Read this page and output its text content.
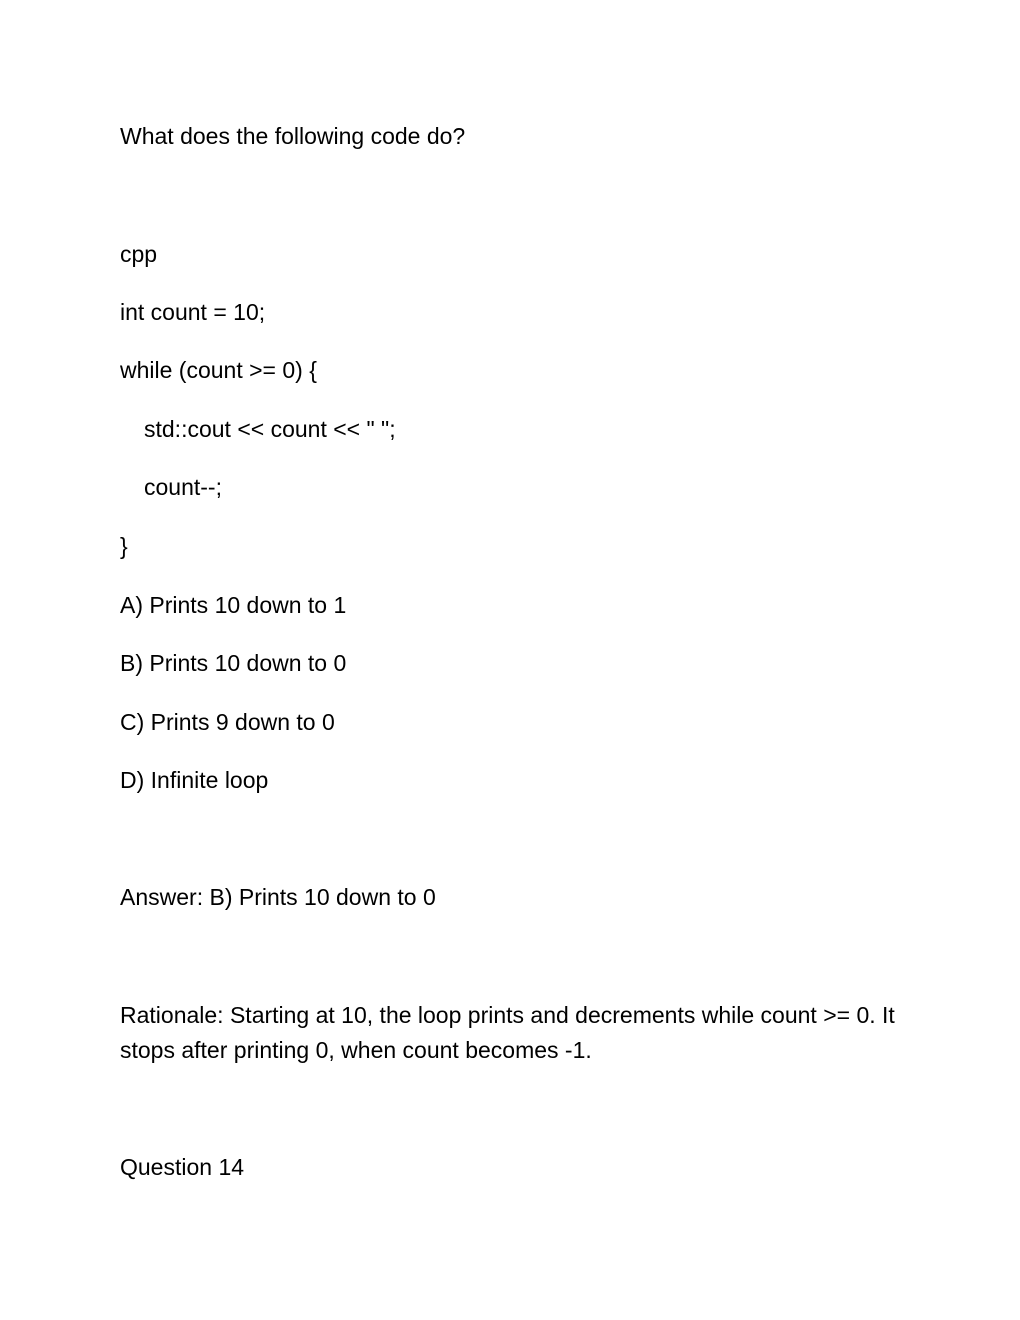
What does the following code do?

cpp

int count = 10;

while (count >= 0) {

std::cout << count << " ";

count--;

}

A) Prints 10 down to 1

B) Prints 10 down to 0

C) Prints 9 down to 0

D) Infinite loop

Answer: B) Prints 10 down to 0

Rationale: Starting at 10, the loop prints and decrements while count >= 0. It stops after printing 0, when count becomes -1.

Question 14
